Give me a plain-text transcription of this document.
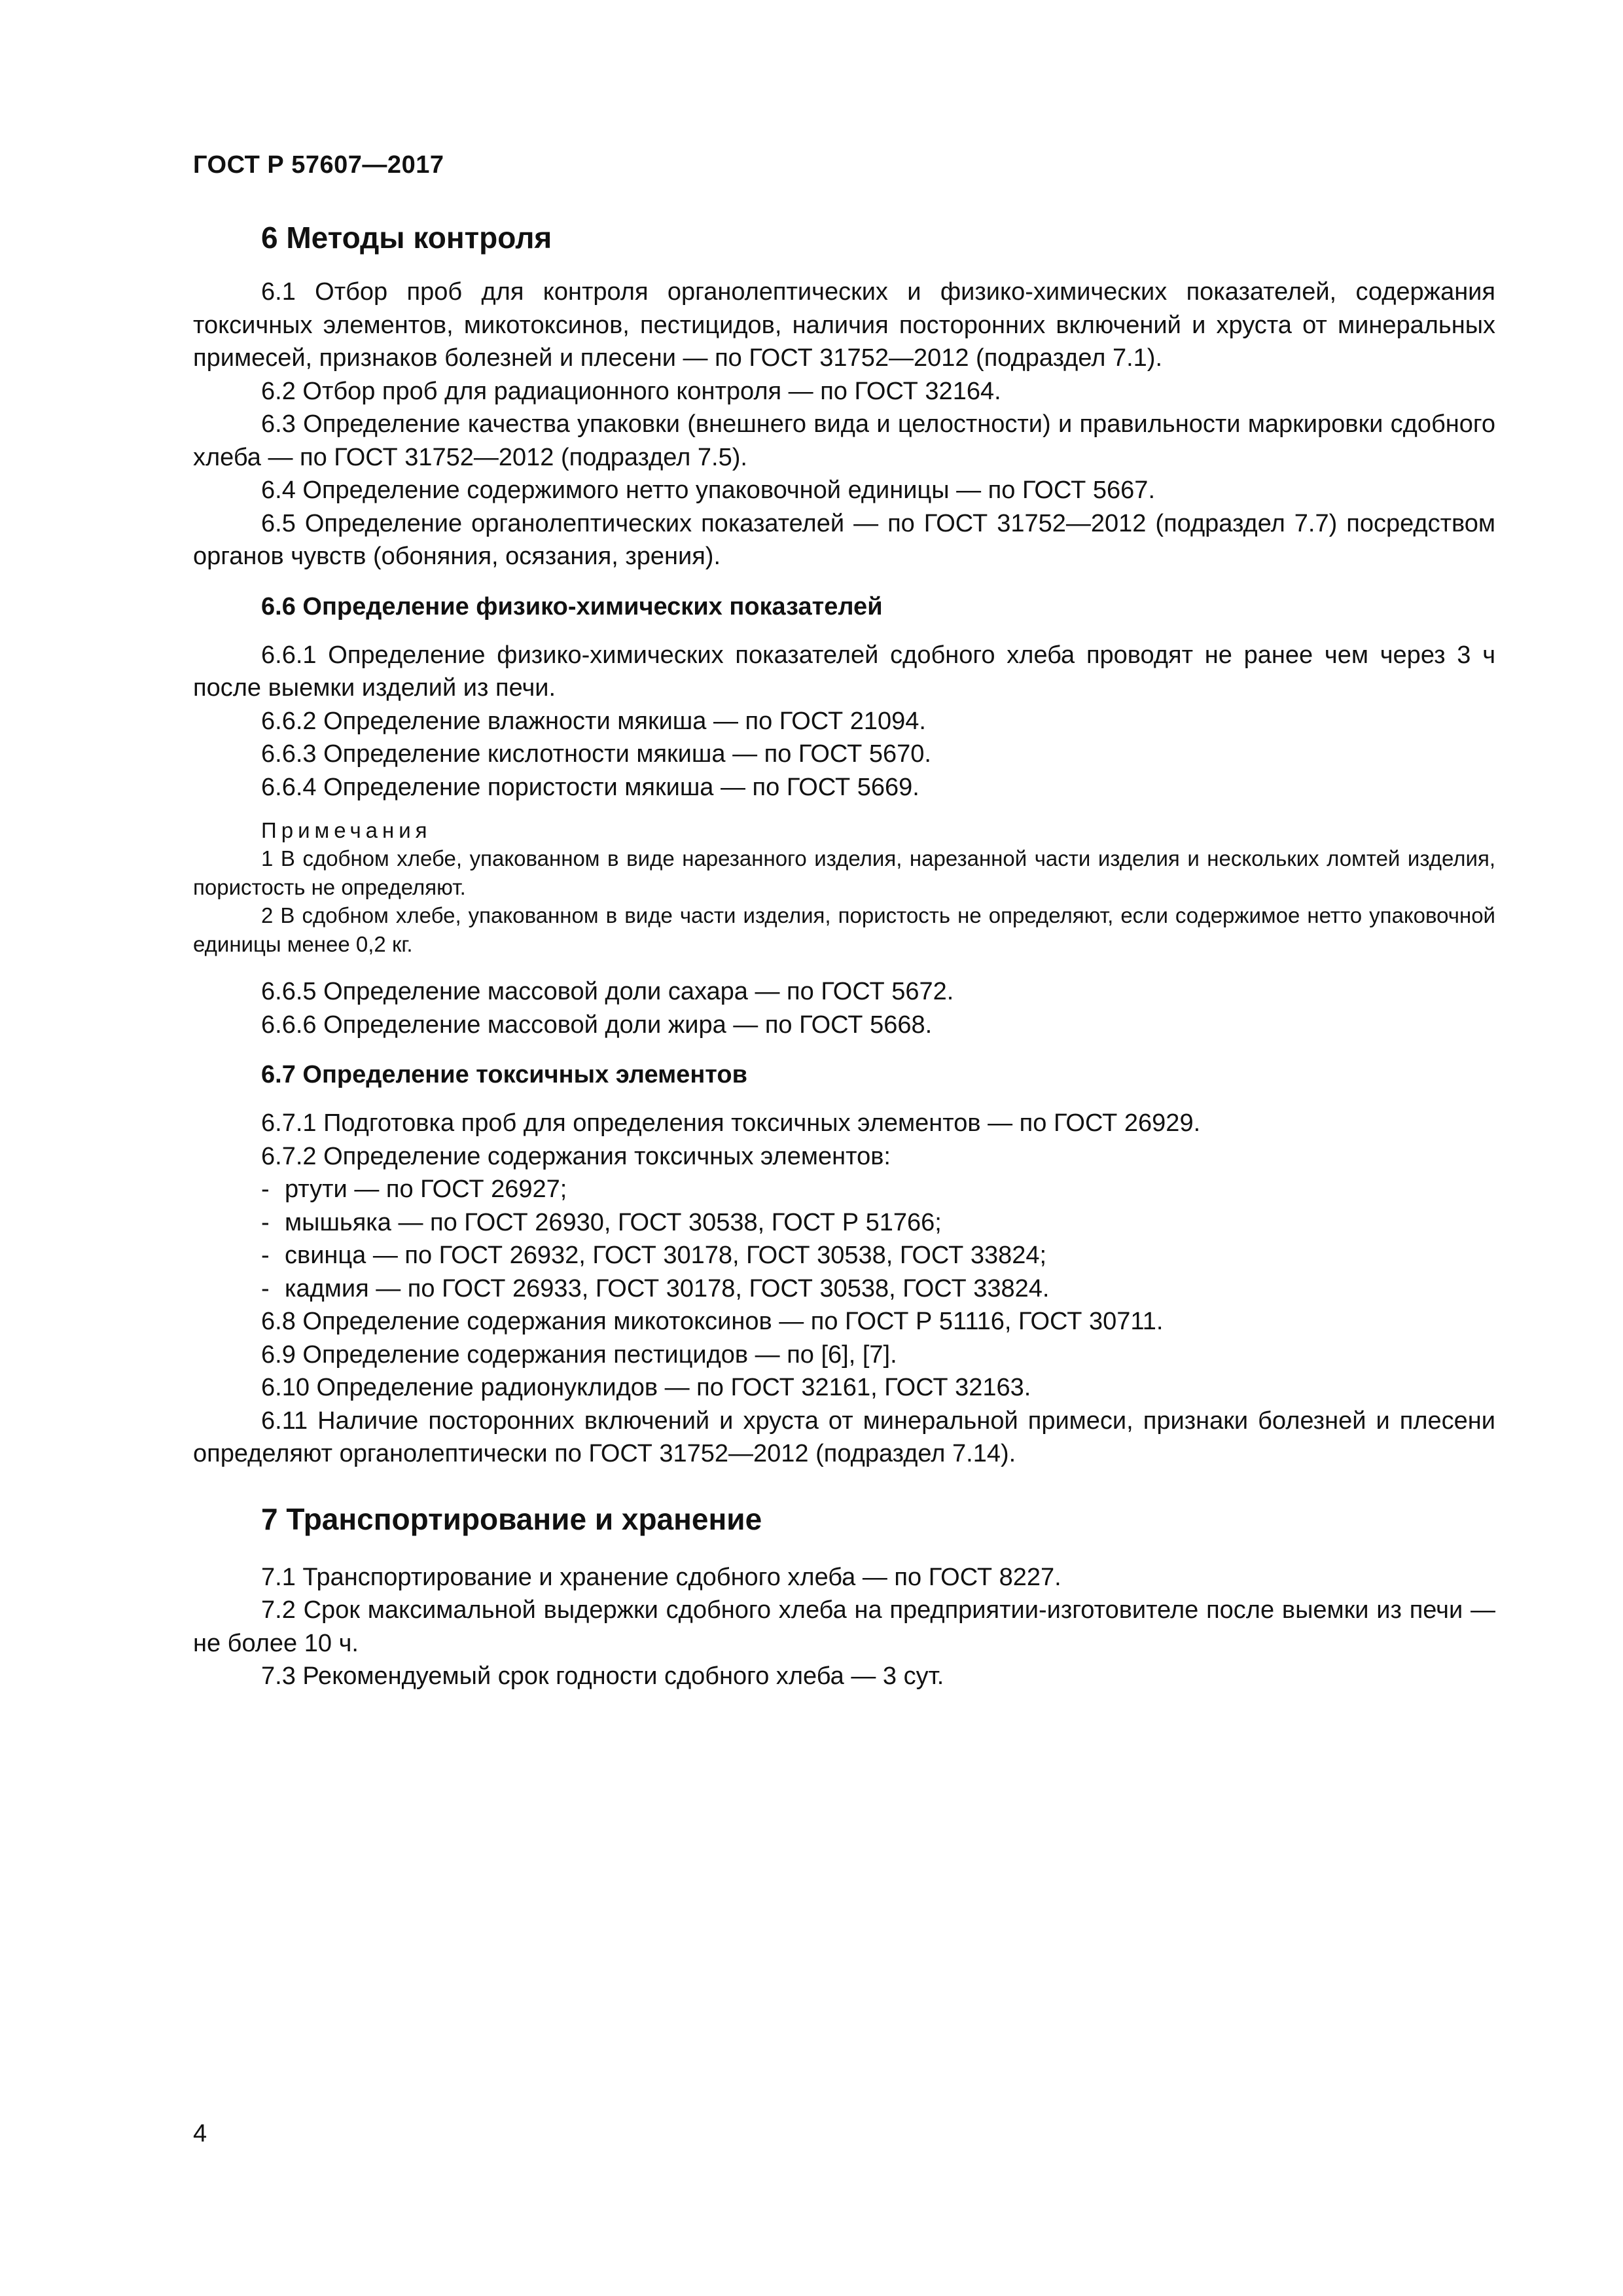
ГОСТ Р 57607—2017
6 Методы контроля

6.1 Отбор проб для контроля органолептических и физико-химических показателей, содержания токсичных элементов, микотоксинов, пестицидов, наличия посторонних включений и хруста от минеральных примесей, признаков болезней и плесени — по ГОСТ 31752—2012 (подраздел 7.1).

6.2 Отбор проб для радиационного контроля — по ГОСТ 32164.

6.3 Определение качества упаковки (внешнего вида и целостности) и правильности маркировки сдобного хлеба — по ГОСТ 31752—2012 (подраздел 7.5).

6.4 Определение содержимого нетто упаковочной единицы — по ГОСТ 5667.

6.5 Определение органолептических показателей — по ГОСТ 31752—2012 (подраздел 7.7) посредством органов чувств (обоняния, осязания, зрения).

6.6 Определение физико-химических показателей

6.6.1 Определение физико-химических показателей сдобного хлеба проводят не ранее чем через 3 ч после выемки изделий из печи.

6.6.2 Определение влажности мякиша — по ГОСТ 21094.

6.6.3 Определение кислотности мякиша — по ГОСТ 5670.

6.6.4 Определение пористости мякиша — по ГОСТ 5669.

Примечания

1 В сдобном хлебе, упакованном в виде нарезанного изделия, нарезанной части изделия и нескольких ломтей изделия, пористость не определяют.

2 В сдобном хлебе, упакованном в виде части изделия, пористость не определяют, если содержимое нетто упаковочной единицы менее 0,2 кг.

6.6.5 Определение массовой доли сахара — по ГОСТ 5672.

6.6.6 Определение массовой доли жира — по ГОСТ 5668.

6.7 Определение токсичных элементов

6.7.1 Подготовка проб для определения токсичных элементов — по ГОСТ 26929.

6.7.2 Определение содержания токсичных элементов:

- ртути — по ГОСТ 26927;
- мышьяка — по ГОСТ 26930, ГОСТ 30538, ГОСТ Р 51766;
- свинца — по ГОСТ 26932, ГОСТ 30178, ГОСТ 30538, ГОСТ 33824;
- кадмия — по ГОСТ 26933, ГОСТ 30178, ГОСТ 30538, ГОСТ 33824.

6.8 Определение содержания микотоксинов — по ГОСТ Р 51116, ГОСТ 30711.

6.9 Определение содержания пестицидов — по [6], [7].

6.10 Определение радионуклидов — по ГОСТ 32161, ГОСТ 32163.

6.11 Наличие посторонних включений и хруста от минеральной примеси, признаки болезней и плесени определяют органолептически по ГОСТ 31752—2012 (подраздел 7.14).

7 Транспортирование и хранение

7.1 Транспортирование и хранение сдобного хлеба — по ГОСТ 8227.

7.2 Срок максимальной выдержки сдобного хлеба на предприятии-изготовителе после выемки из печи — не более 10 ч.

7.3 Рекомендуемый срок годности сдобного хлеба — 3 сут.

4
